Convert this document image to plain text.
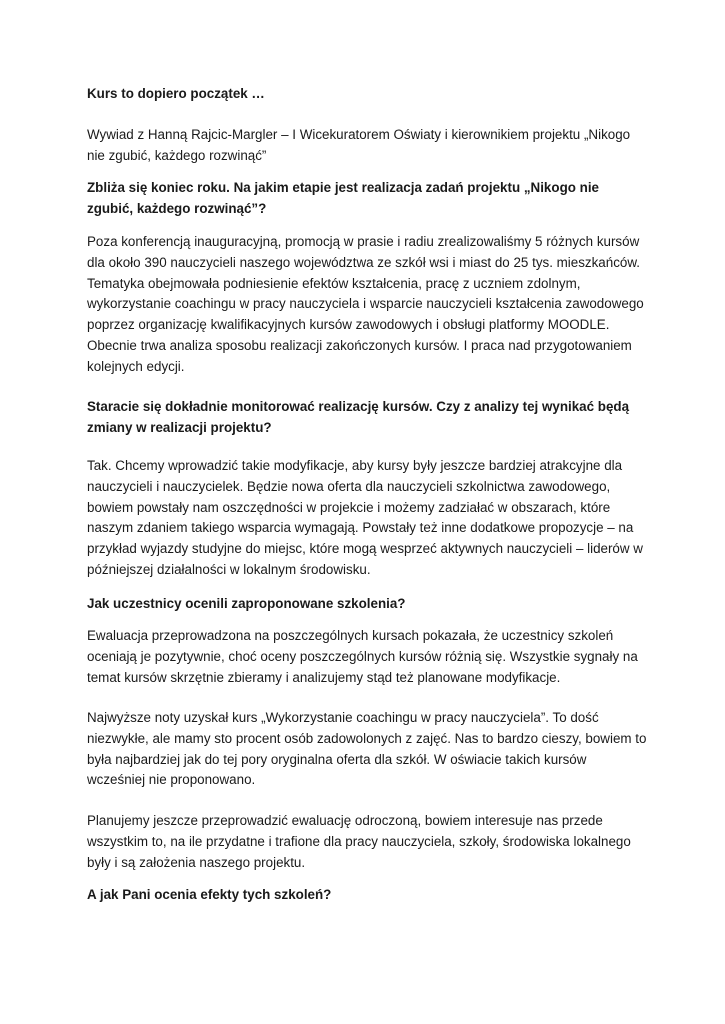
Kurs to dopiero początek …

Wywiad z Hanną Rajcic-Margler – I Wicekuratorem Oświaty i kierownikiem projektu „Nikogo nie zgubić, każdego rozwinąć”

Zbliża się koniec roku. Na jakim etapie jest realizacja zadań projektu „Nikogo nie zgubić, każdego rozwinąć”?

Poza konferencją inauguracyjną, promocją w prasie i radiu zrealizowaliśmy 5 różnych kursów dla około 390 nauczycieli naszego województwa ze szkół wsi i miast do 25 tys. mieszkańców. Tematyka obejmowała podniesienie efektów kształcenia, pracę z uczniem zdolnym, wykorzystanie coachingu w pracy nauczyciela i wsparcie nauczycieli kształcenia zawodowego poprzez organizację kwalifikacyjnych kursów zawodowych i obsługi platformy MOODLE. Obecnie trwa analiza sposobu realizacji zakończonych kursów. I praca nad przygotowaniem kolejnych edycji.

Staracie się dokładnie monitorować realizację kursów. Czy z analizy tej wynikać będą zmiany w realizacji projektu?

Tak. Chcemy wprowadzić takie modyfikacje, aby kursy były jeszcze bardziej atrakcyjne dla nauczycieli i nauczycielek. Będzie nowa oferta dla nauczycieli szkolnictwa zawodowego, bowiem powstały nam oszczędności w projekcie i możemy zadziałać w obszarach, które naszym zdaniem takiego wsparcia wymagają. Powstały też inne dodatkowe propozycje – na przykład wyjazdy studyjne do miejsc, które mogą wesprzeć aktywnych nauczycieli – liderów w późniejszej działalności w lokalnym środowisku.

Jak uczestnicy ocenili zaproponowane szkolenia?

Ewaluacja przeprowadzona na poszczególnych kursach pokazała, że uczestnicy szkoleń oceniają je pozytywnie, choć oceny poszczególnych kursów różnią się. Wszystkie sygnały na temat kursów skrzętnie zbieramy i analizujemy stąd też planowane modyfikacje.

Najwyższe noty uzyskał kurs „Wykorzystanie coachingu w pracy nauczyciela”. To dość niezwykłe, ale mamy sto procent osób zadowolonych z zajęć. Nas to bardzo cieszy, bowiem to była najbardziej jak do tej pory oryginalna oferta dla szkół. W oświacie takich kursów wcześniej nie proponowano.

Planujemy jeszcze przeprowadzić ewaluację odroczoną, bowiem interesuje nas przede wszystkim to, na ile przydatne i trafione dla pracy nauczyciela, szkoły, środowiska lokalnego były i są założenia naszego projektu.

A jak Pani ocenia efekty tych szkoleń?
